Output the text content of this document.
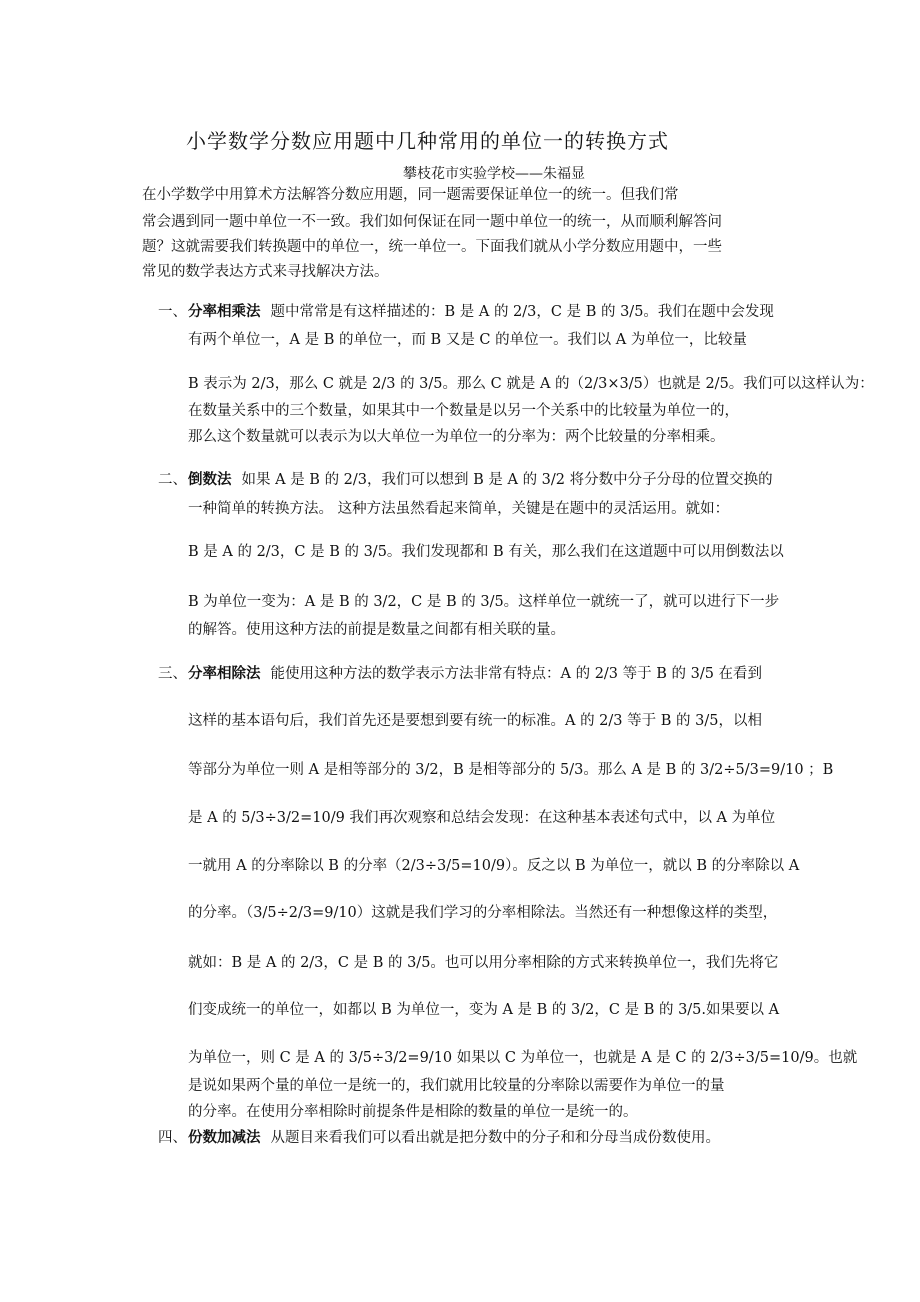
小学数学分数应用题中几种常用的单位一的转换方式
攀枝花市实验学校——朱福显
在小学数学中用算术方法解答分数应用题，同一题需要保证单位一的统一。但我们常
常会遇到同一题中单位一不一致。我们如何保证在同一题中单位一的统一，从而顺利解答问
题？这就需要我们转换题中的单位一，统一单位一。下面我们就从小学分数应用题中，一些
常见的数学表达方式来寻找解决方法。
一、 分率相乘法 题中常常是有这样描述的：B 是 A 的 2/3，C 是 B 的 3/5。我们在题中会发现
有两个单位一，A 是 B 的单位一，而 B 又是 C 的单位一。我们以 A 为单位一，比较量
B 表示为 2/3，那么 C 就是 2/3 的 3/5。那么 C 就是 A 的（2/3×3/5）也就是 2/5。我们可以这样认为：
在数量关系中的三个数量，如果其中一个数量是以另一个关系中的比较量为单位一的，
那么这个数量就可以表示为以大单位一为单位一的分率为：两个比较量的分率相乘。
二、 倒数法 如果 A 是 B 的 2/3，我们可以想到 B 是 A 的 3/2 将分数中分子分母的位置交换的
一种简单的转换方法。 这种方法虽然看起来简单，关键是在题中的灵活运用。就如：
B 是 A 的 2/3，C 是 B 的 3/5。我们发现都和 B 有关，那么我们在这道题中可以用倒数法以
B 为单位一变为：A 是 B 的 3/2，C 是 B 的 3/5。这样单位一就统一了，就可以进行下一步
的解答。使用这种方法的前提是数量之间都有相关联的量。
三、 分率相除法 能使用这种方法的数学表示方法非常有特点：A 的 2/3 等于 B 的 3/5 在看到
这样的基本语句后，我们首先还是要想到要有统一的标准。A 的 2/3 等于 B 的 3/5，以相
等部分为单位一则 A 是相等部分的 3/2，B 是相等部分的 5/3。那么 A 是 B 的 3/2÷5/3=9/10 ；B
是 A 的 5/3÷3/2=10/9 我们再次观察和总结会发现：在这种基本表述句式中，以 A 为单位
一就用 A 的分率除以 B 的分率（2/3÷3/5=10/9）。反之以 B 为单位一，就以 B 的分率除以 A
的分率。（3/5÷2/3=9/10）这就是我们学习的分率相除法。当然还有一种想像这样的类型，
就如：B 是 A 的 2/3，C 是 B 的 3/5。也可以用分率相除的方式来转换单位一，我们先将它
们变成统一的单位一，如都以 B 为单位一，变为 A 是 B 的 3/2，C 是 B 的 3/5.如果要以 A
为单位一，则 C 是 A 的 3/5÷3/2=9/10 如果以 C 为单位一，也就是 A 是 C 的 2/3÷3/5=10/9。也就
是说如果两个量的单位一是统一的，我们就用比较量的分率除以需要作为单位一的量
的分率。在使用分率相除时前提条件是相除的数量的单位一是统一的。
四、 份数加减法 从题目来看我们可以看出就是把分数中的分子和和分母当成份数使用。
